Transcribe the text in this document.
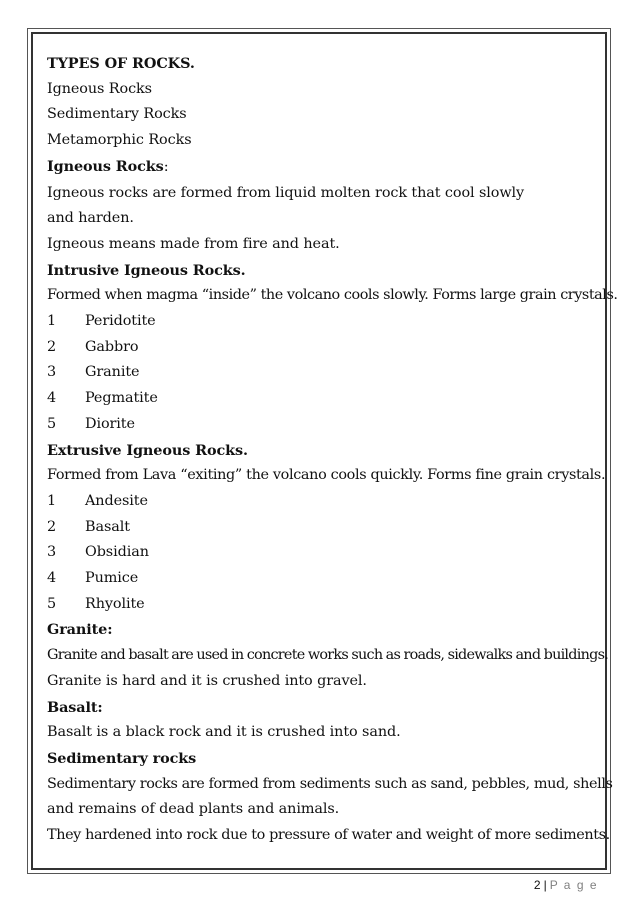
TYPES OF ROCKS.
Igneous Rocks
Sedimentary Rocks
Metamorphic Rocks
Igneous Rocks:
Igneous rocks are formed from liquid molten rock that cool slowly
and harden.
Igneous means made from fire and heat.
Intrusive Igneous Rocks.
Formed when magma “inside” the volcano cools slowly. Forms large grain crystals.
1	Peridotite
2	Gabbro
3	Granite
4	Pegmatite
5	Diorite
Extrusive Igneous Rocks.
Formed from Lava “exiting” the volcano cools quickly. Forms fine grain crystals.
1	Andesite
2	Basalt
3	Obsidian
4	Pumice
5	Rhyolite
Granite:
Granite and basalt are used in concrete works such as roads, sidewalks and buildings.
Granite is hard and it is crushed into gravel.
Basalt:
Basalt is a black rock and it is crushed into sand.
Sedimentary rocks
Sedimentary rocks are formed from sediments such as sand, pebbles, mud, shells
and remains of dead plants and animals.
They hardened into rock due to pressure of water and weight of more sediments.
2 | P a g e
